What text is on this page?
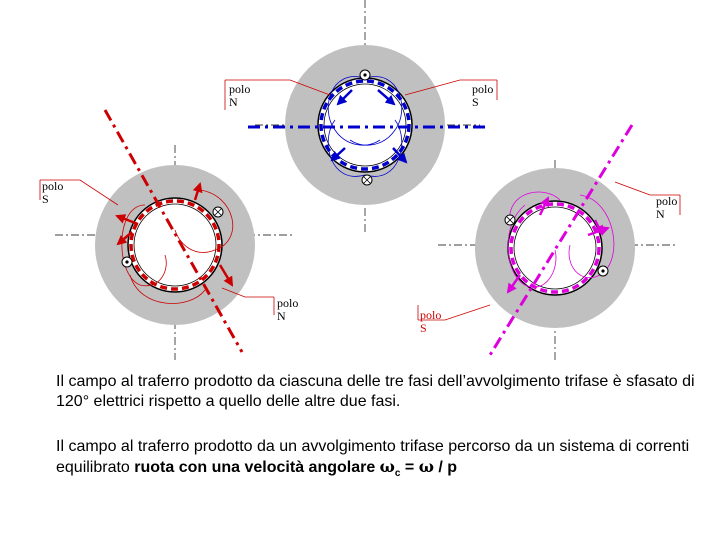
polo
N
polo
S
polo
S
polo
N
polo
N
polo
S
Il campo al traferro prodotto da ciascuna delle tre fasi dell’avvolgimento trifase è sfasato di 120° elettrici rispetto a quello delle altre due fasi.
Il campo al traferro prodotto da un avvolgimento trifase percorso da un sistema di correnti equilibrato ruota con una velocità angolare $\omega_c = \omega / p$
